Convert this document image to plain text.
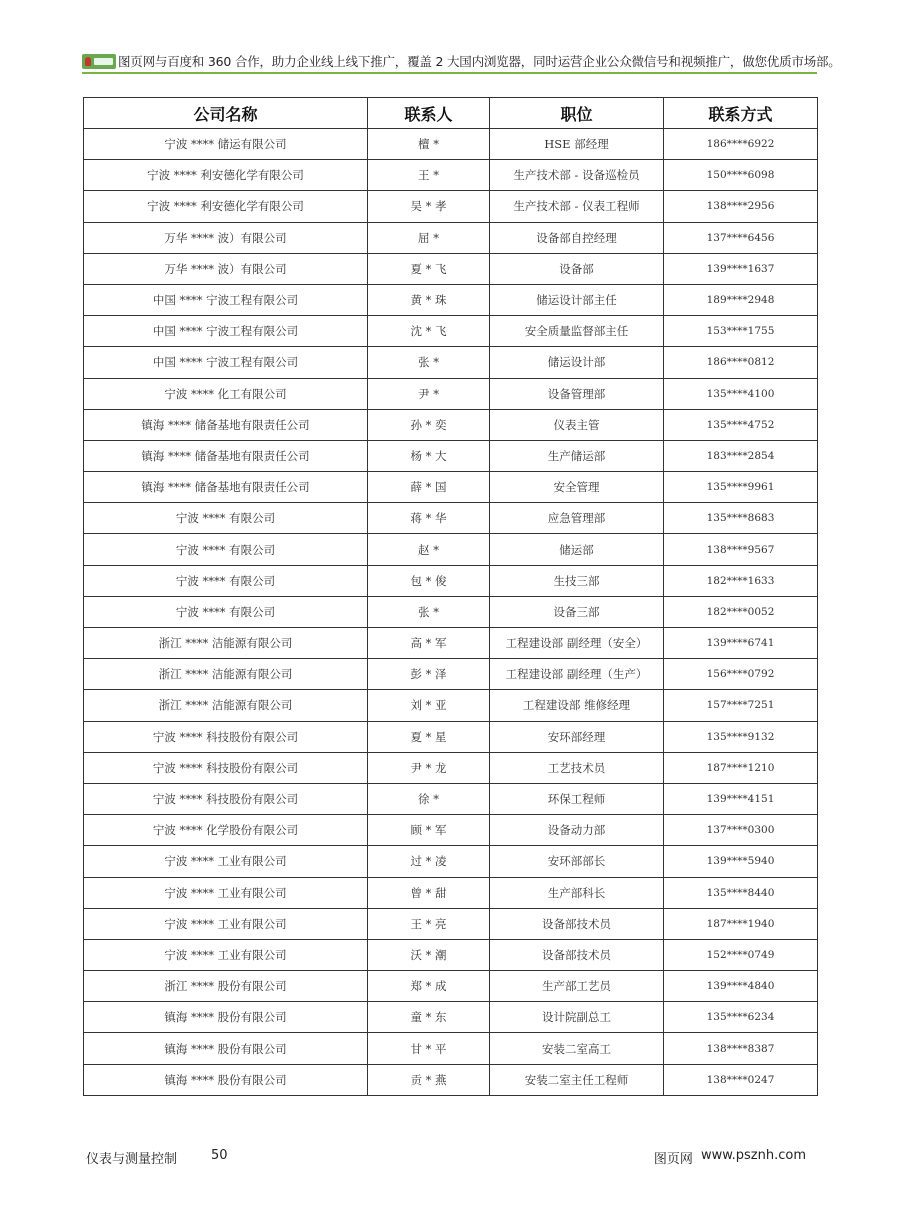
图页网与百度和 360 合作，助力企业线上线下推广，覆盖 2 大国内浏览器，同时运营企业公众微信号和视频推广，做您优质市场部。
公司名称	联系人	职位	联系方式
宁波 **** 储运有限公司	檀 *	HSE 部经理	186****6922
宁波 **** 利安德化学有限公司	王 *	生产技术部 - 设备巡检员	150****6098
宁波 **** 利安德化学有限公司	吴 * 孝	生产技术部 - 仪表工程师	138****2956
万华 **** 波）有限公司	屈 *	设备部自控经理	137****6456
万华 **** 波）有限公司	夏 * 飞	设备部	139****1637
中国 **** 宁波工程有限公司	黄 * 珠	储运设计部主任	189****2948
中国 **** 宁波工程有限公司	沈 * 飞	安全质量监督部主任	153****1755
中国 **** 宁波工程有限公司	张 *	储运设计部	186****0812
宁波 **** 化工有限公司	尹 *	设备管理部	135****4100
镇海 **** 储备基地有限责任公司	孙 * 奕	仪表主管	135****4752
镇海 **** 储备基地有限责任公司	杨 * 大	生产储运部	183****2854
镇海 **** 储备基地有限责任公司	薛 * 国	安全管理	135****9961
宁波 **** 有限公司	蒋 * 华	应急管理部	135****8683
宁波 **** 有限公司	赵 *	储运部	138****9567
宁波 **** 有限公司	包 * 俊	生技三部	182****1633
宁波 **** 有限公司	张 *	设备三部	182****0052
浙江 **** 洁能源有限公司	高 * 军	工程建设部 副经理（安全）	139****6741
浙江 **** 洁能源有限公司	彭 * 泽	工程建设部 副经理（生产）	156****0792
浙江 **** 洁能源有限公司	刘 * 亚	工程建设部 维修经理	157****7251
宁波 **** 科技股份有限公司	夏 * 星	安环部经理	135****9132
宁波 **** 科技股份有限公司	尹 * 龙	工艺技术员	187****1210
宁波 **** 科技股份有限公司	徐 *	环保工程师	139****4151
宁波 **** 化学股份有限公司	顾 * 军	设备动力部	137****0300
宁波 **** 工业有限公司	过 * 凌	安环部部长	139****5940
宁波 **** 工业有限公司	曾 * 甜	生产部科长	135****8440
宁波 **** 工业有限公司	王 * 亮	设备部技术员	187****1940
宁波 **** 工业有限公司	沃 * 潮	设备部技术员	152****0749
浙江 **** 股份有限公司	郑 * 成	生产部工艺员	139****4840
镇海 **** 股份有限公司	童 * 东	设计院副总工	135****6234
镇海 **** 股份有限公司	甘 * 平	安装二室高工	138****8387
镇海 **** 股份有限公司	贡 * 燕	安装二室主任工程师	138****0247
仪表与测量控制	50	图页网 www.psznh.com
